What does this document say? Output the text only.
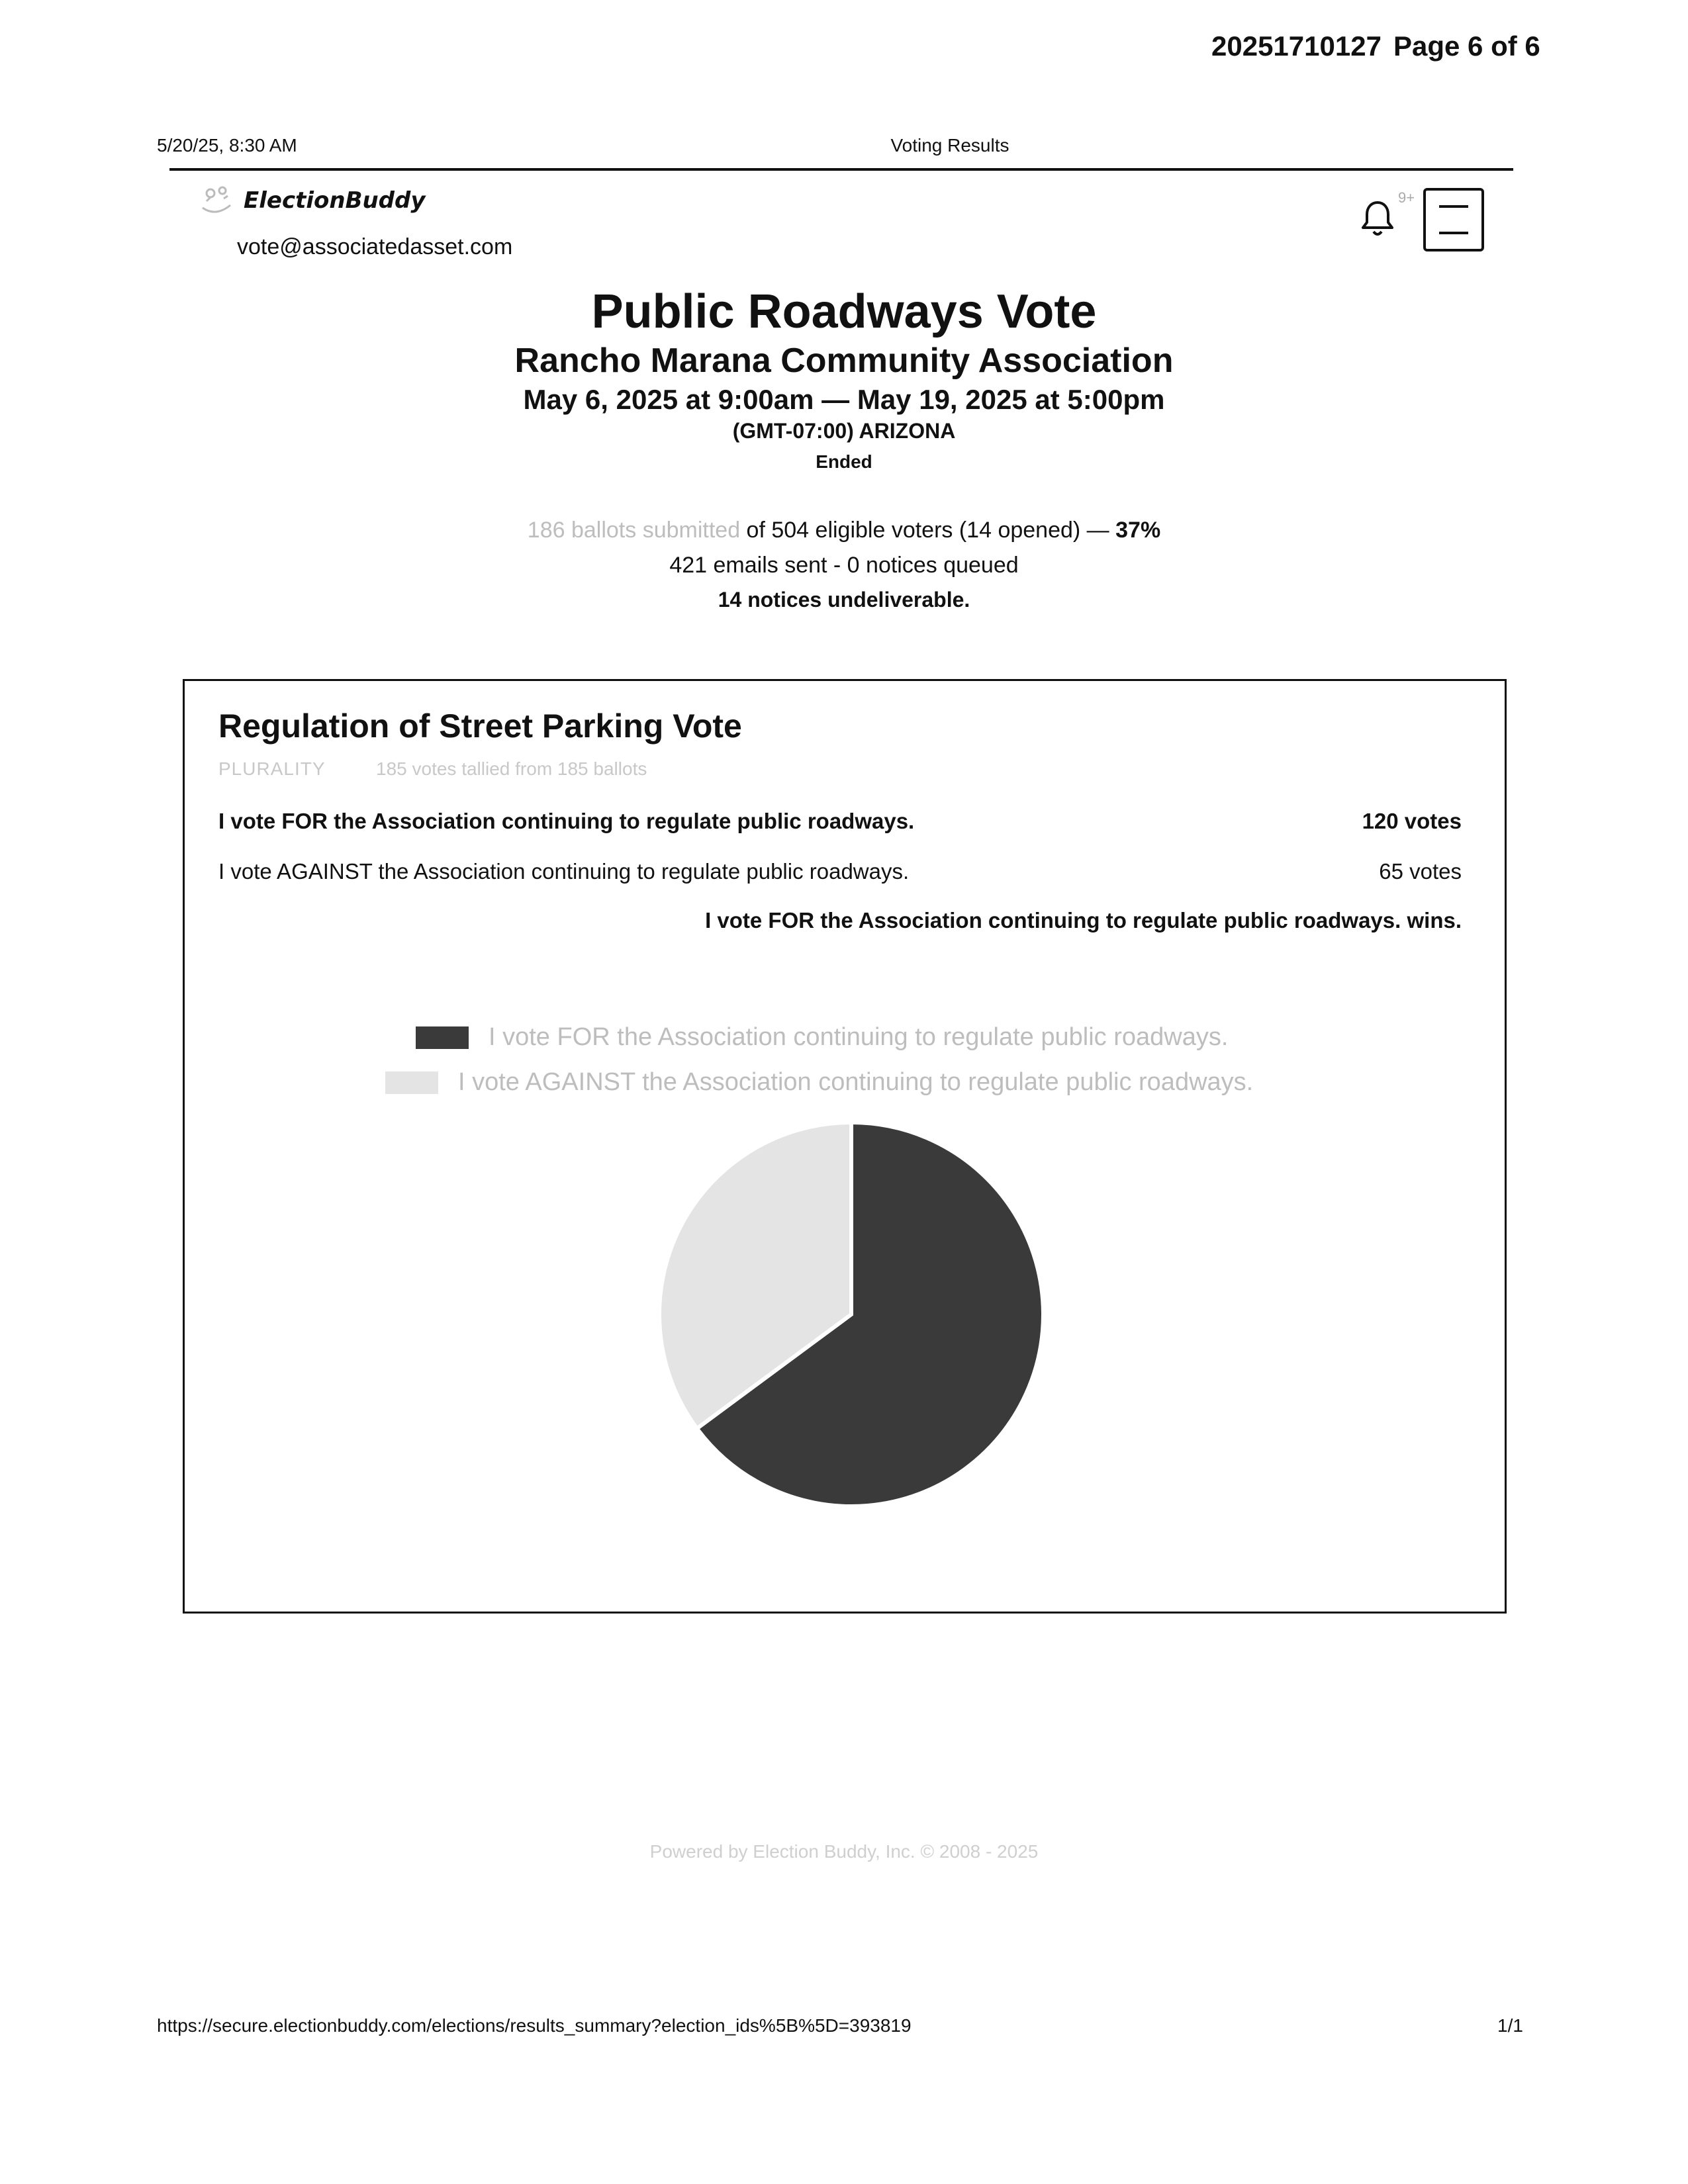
20251710127 Page 6 of 6
5/20/25, 8:30 AM	Voting Results
ElectionBuddy
vote@associatedasset.com
9+
Public Roadways Vote
Rancho Marana Community Association
May 6, 2025 at 9:00am — May 19, 2025 at 5:00pm
(GMT-07:00) ARIZONA
Ended
186 ballots submitted of 504 eligible voters (14 opened) — 37%
421 emails sent - 0 notices queued
14 notices undeliverable.
Regulation of Street Parking Vote
PLURALITY	185 votes tallied from 185 ballots
I vote FOR the Association continuing to regulate public roadways.	120 votes
I vote AGAINST the Association continuing to regulate public roadways.	65 votes
I vote FOR the Association continuing to regulate public roadways. wins.
I vote FOR the Association continuing to regulate public roadways.
I vote AGAINST the Association continuing to regulate public roadways.
Powered by Election Buddy, Inc. © 2008 - 2025
https://secure.electionbuddy.com/elections/results_summary?election_ids%5B%5D=393819	1/1
